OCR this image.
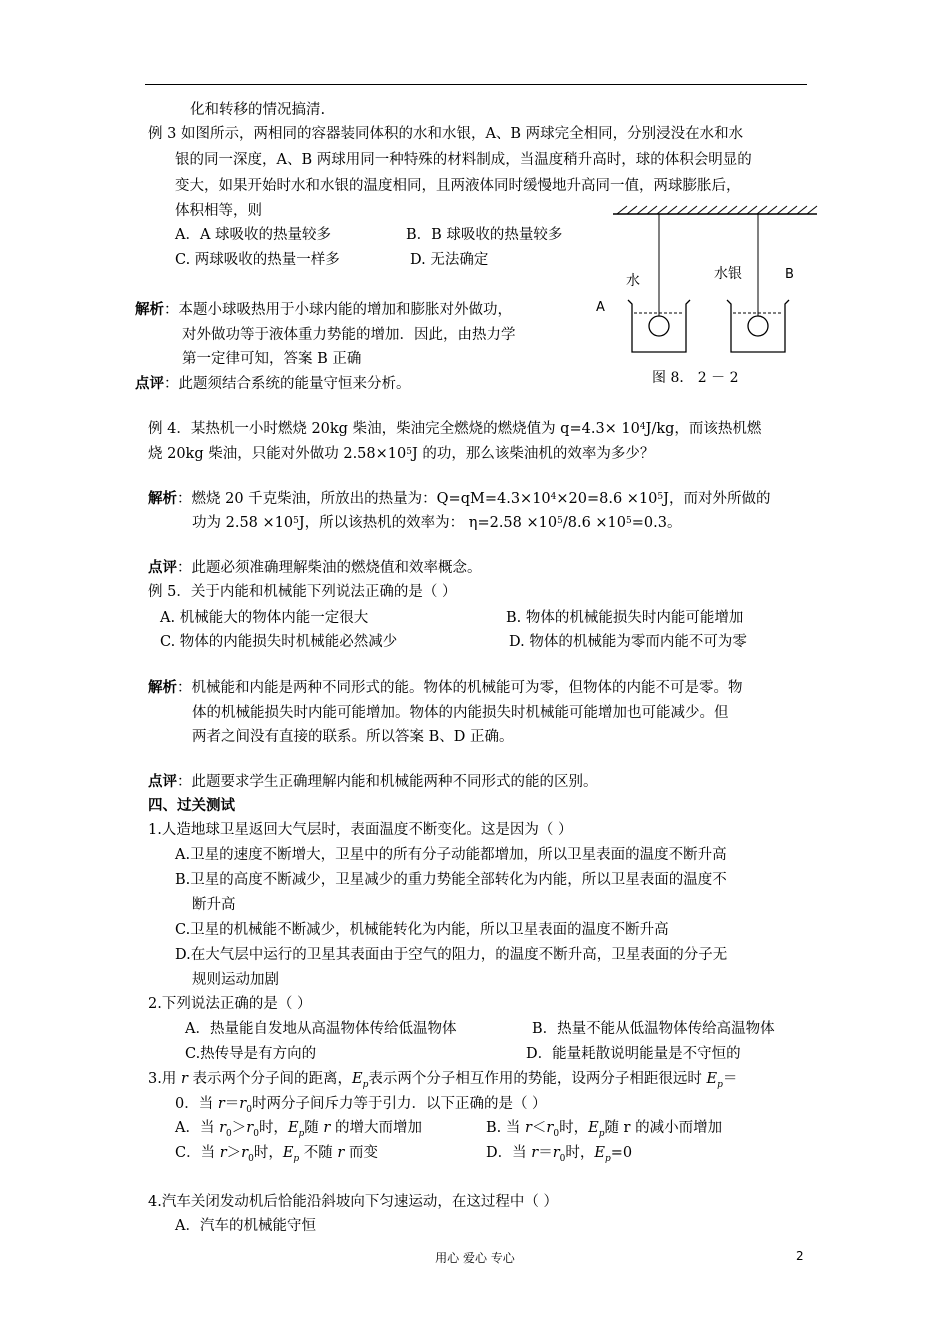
化和转移的情况搞清.
例 3 如图所示，两相同的容器装同体积的水和水银，A、B 两球完全相同，分别浸没在水和水
银的同一深度，A、B 两球用同一种特殊的材料制成，当温度稍升高时，球的体积会明显的
变大，如果开始时水和水银的温度相同，且两液体同时缓慢地升高同一值，两球膨胀后，
体积相等，则
A．A 球吸收的热量较多	B．B 球吸收的热量较多
C. 两球吸收的热量一样多	D. 无法确定
解析：本题小球吸热用于小球内能的增加和膨胀对外做功，
对外做功等于液体重力势能的增加．因此，由热力学
第一定律可知，答案 B 正确
点评：此题须结合系统的能量守恒来分析。
A
水	水银	B
图 8． 2 － 2
例 4．某热机一小时燃烧 20kg 柴油，柴油完全燃烧的燃烧值为 $q=4.3\times 10^4J/kg$，而该热机燃
烧 20kg 柴油，只能对外做功 $2.58\times 10^5J$ 的功，那么该柴油机的效率为多少？
解析：燃烧 20 千克柴油，所放出的热量为：$Q=qM=4.3\times 10^4\times 20=8.6 \times 10^5J$，而对外所做的
功为 $2.58 \times 10^5J$，所以该热机的效率为： $\eta=2.58 \times 10^5/8.6 \times 10^5=0.3$。
点评：此题必须准确理解柴油的燃烧值和效率概念。
例 5．关于内能和机械能下列说法正确的是（ ）
A. 机械能大的物体内能一定很大	B. 物体的机械能损失时内能可能增加
C. 物体的内能损失时机械能必然减少	D. 物体的机械能为零而内能不可为零
解析：机械能和内能是两种不同形式的能。物体的机械能可为零，但物体的内能不可是零。物
体的机械能损失时内能可能增加。物体的内能损失时机械能可能增加也可能减少。但
两者之间没有直接的联系。所以答案 B、D 正确。
点评：此题要求学生正确理解内能和机械能两种不同形式的能的区别。
四、过关测试
1.人造地球卫星返回大气层时，表面温度不断变化。这是因为（ ）
A.卫星的速度不断增大，卫星中的所有分子动能都增加，所以卫星表面的温度不断升高
B.卫星的高度不断减少，卫星减少的重力势能全部转化为内能，所以卫星表面的温度不
断升高
C.卫星的机械能不断减少，机械能转化为内能，所以卫星表面的温度不断升高
D.在大气层中运行的卫星其表面由于空气的阻力，的温度不断升高，卫星表面的分子无
规则运动加剧
2.下列说法正确的是（ ）
A．热量能自发地从高温物体传给低温物体	B．热量不能从低温物体传给高温物体
C.热传导是有方向的	D．能量耗散说明能量是不守恒的
3.用 r 表示两个分子间的距离，$E_p$表示两个分子相互作用的势能，设两分子相距很远时 $E_p=$
0．当 $r=r_0$时两分子间斥力等于引力．以下正确的是（ ）
A．当 $r_0>r_0$时，$E_p$随 r 的增大而增加	B. 当 $r<r_0$时，$E_p$随 r 的减小而增加
C．当 $r>r_0$时，$E_p$ 不随 r 而变	D．当 $r=r_0$时，$E_p=0$
4.汽车关闭发动机后恰能沿斜坡向下匀速运动，在这过程中（ ）
A．汽车的机械能守恒
用心 爱心 专心	2
